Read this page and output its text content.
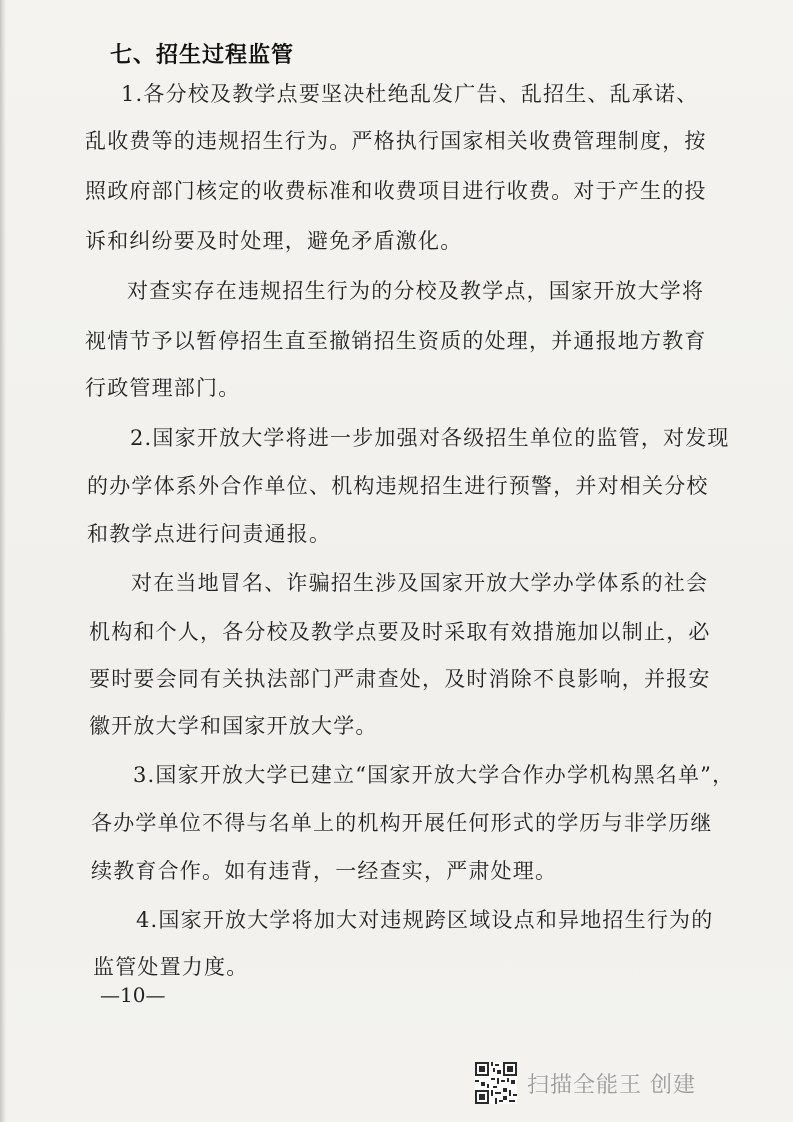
七、招生过程监管
1.各分校及教学点要坚决杜绝乱发广告、乱招生、乱承诺、
乱收费等的违规招生行为。严格执行国家相关收费管理制度，按
照政府部门核定的收费标准和收费项目进行收费。对于产生的投
诉和纠纷要及时处理，避免矛盾激化。
对查实存在违规招生行为的分校及教学点，国家开放大学将
视情节予以暂停招生直至撤销招生资质的处理，并通报地方教育
行政管理部门。
2.国家开放大学将进一步加强对各级招生单位的监管，对发现
的办学体系外合作单位、机构违规招生进行预警，并对相关分校
和教学点进行问责通报。
对在当地冒名、诈骗招生涉及国家开放大学办学体系的社会
机构和个人，各分校及教学点要及时采取有效措施加以制止，必
要时要会同有关执法部门严肃查处，及时消除不良影响，并报安
徽开放大学和国家开放大学。
3.国家开放大学已建立“国家开放大学合作办学机构黑名单”，
各办学单位不得与名单上的机构开展任何形式的学历与非学历继
续教育合作。如有违背，一经查实，严肃处理。
4.国家开放大学将加大对违规跨区域设点和异地招生行为的
监管处置力度。
—10—
扫描全能王 创建
